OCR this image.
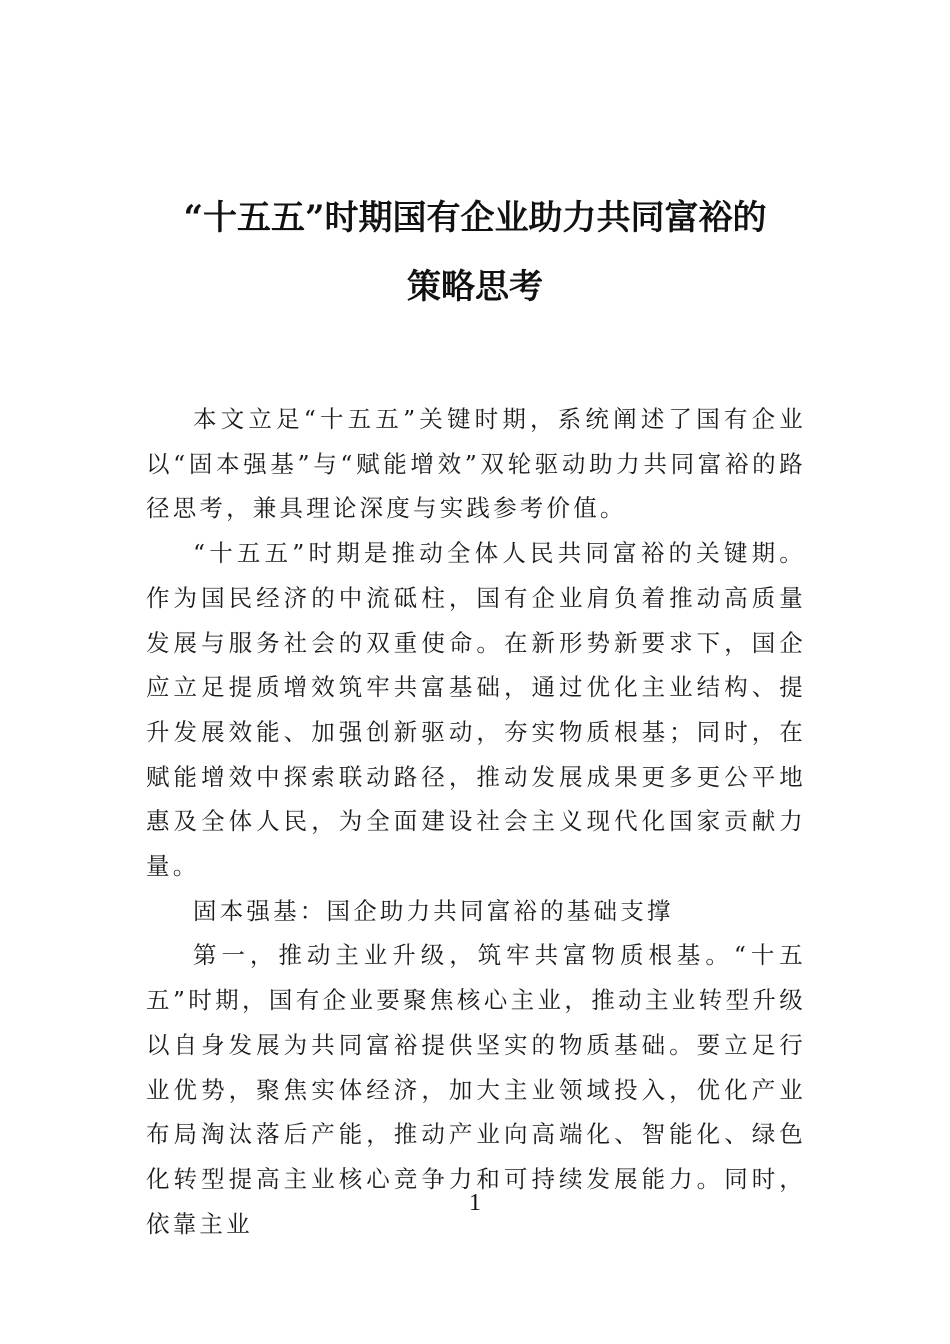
“十五五”时期国有企业助力共同富裕的
策略思考

本文立足“十五五”关键时期，系统阐述了国有企业以“固本强基”与“赋能增效”双轮驱动助力共同富裕的路径思考，兼具理论深度与实践参考价值。

“十五五”时期是推动全体人民共同富裕的关键期。作为国民经济的中流砥柱，国有企业肩负着推动高质量发展与服务社会的双重使命。在新形势新要求下，国企应立足提质增效筑牢共富基础，通过优化主业结构、提升发展效能、加强创新驱动，夯实物质根基；同时，在赋能增效中探索联动路径，推动发展成果更多更公平地惠及全体人民，为全面建设社会主义现代化国家贡献力量。

固本强基：国企助力共同富裕的基础支撑

第一，推动主业升级，筑牢共富物质根基。“十五五”时期，国有企业要聚焦核心主业，推动主业转型升级以自身发展为共同富裕提供坚实的物质基础。要立足行业优势，聚焦实体经济，加大主业领域投入，优化产业布局淘汰落后产能，推动产业向高端化、智能化、绿色化转型提高主业核心竞争力和可持续发展能力。同时，依靠主业

1
